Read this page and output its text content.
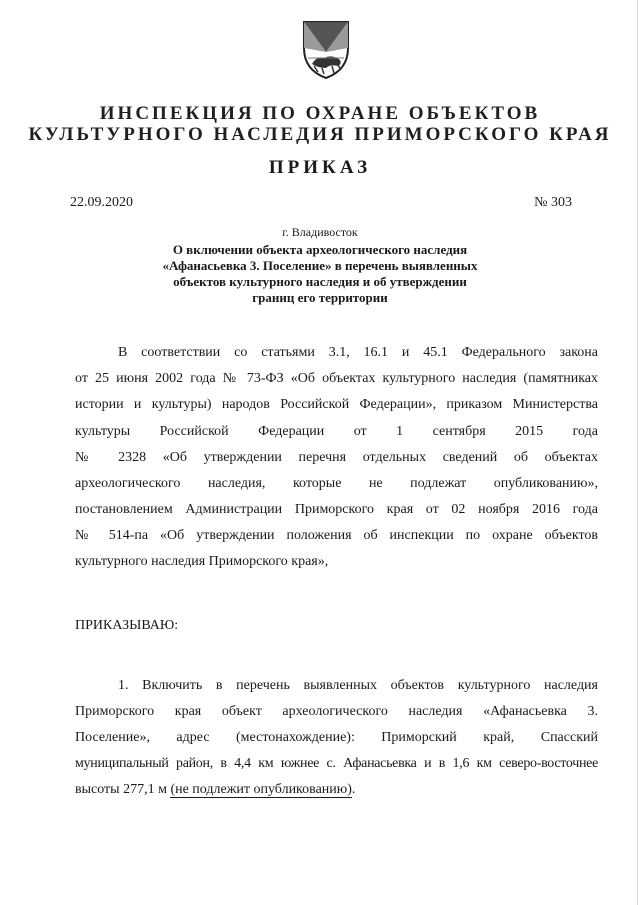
ИНСПЕКЦИЯ ПО ОХРАНЕ ОБЪЕКТОВ
КУЛЬТУРНОГО НАСЛЕДИЯ ПРИМОРСКОГО КРАЯ
ПРИКАЗ
22.09.2020	№ 303
г. Владивосток
О включении объекта археологического наследия
«Афанасьевка 3. Поселение» в перечень выявленных
объектов культурного наследия и об утверждении
границ его территории
В соответствии со статьями 3.1, 16.1 и 45.1 Федерального закона
от 25 июня 2002 года № 73-ФЗ «Об объектах культурного наследия (памятниках
истории и культуры) народов Российской Федерации», приказом Министерства
культуры Российской Федерации от 1 сентября 2015 года
№ 2328 «Об утверждении перечня отдельных сведений об объектах
археологического наследия, которые не подлежат опубликованию»,
постановлением Администрации Приморского края от 02 ноября 2016 года
№ 514-па «Об утверждении положения об инспекции по охране объектов
культурного наследия Приморского края»,
ПРИКАЗЫВАЮ:
1. Включить в перечень выявленных объектов культурного наследия
Приморского края объект археологического наследия «Афанасьевка 3.
Поселение», адрес (местонахождение): Приморский край, Спасский
муниципальный район, в 4,4 км южнее с. Афанасьевка и в 1,6 км северо-восточнее
высоты 277,1 м (не подлежит опубликованию).
